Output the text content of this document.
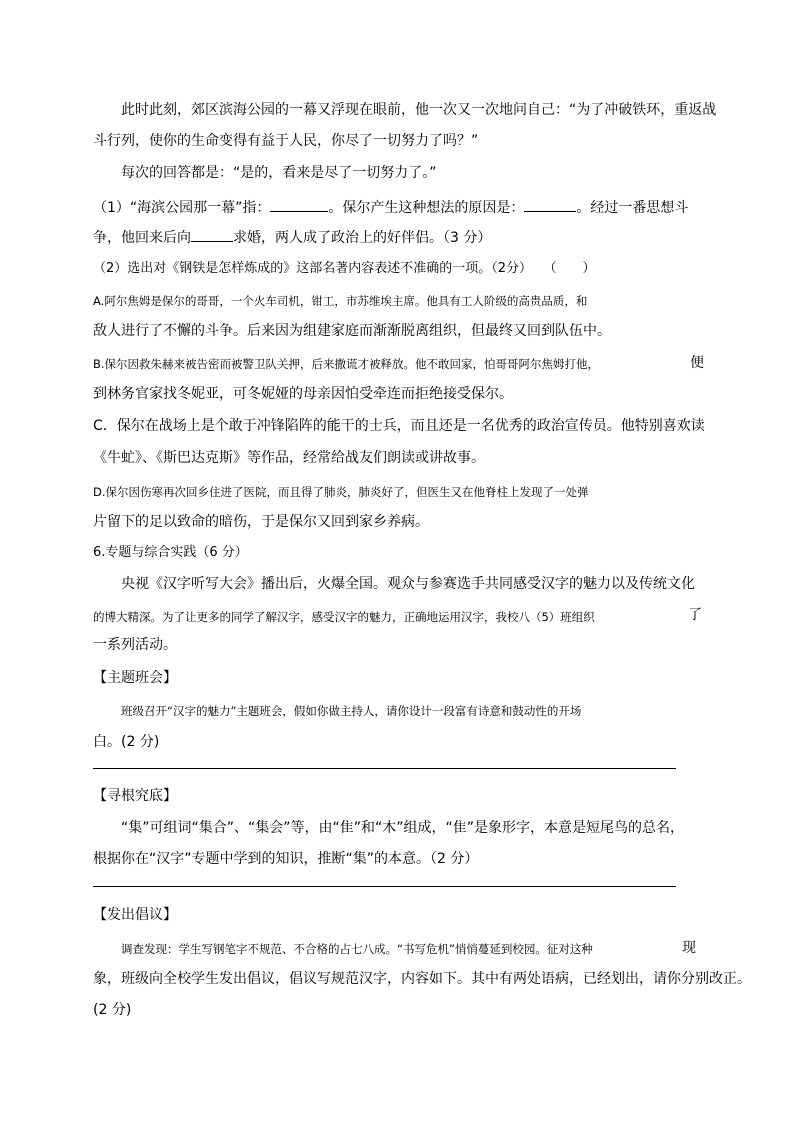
此时此刻，郊区滨海公园的一幕又浮现在眼前，他一次又一次地问自己：“为了冲破铁环，重返战
斗行列，使你的生命变得有益于人民，你尽了一切努力了吗？”
每次的回答都是：“是的，看来是尽了一切努力了。”
（1）“海滨公园那一幕”指：	。保尔产生这种想法的原因是：	。经过一番思想斗
争，他回来后向	求婚，两人成了政治上的好伴侣。（3 分）
（2）选出对《钢铁是怎样炼成的》这部名著内容表述不准确的一项。（2分） （　　）
A.阿尔焦姆是保尔的哥哥，一个火车司机，钳工，市苏维埃主席。他具有工人阶级的高贵品质，和
敌人进行了不懈的斗争。后来因为组建家庭而渐渐脱离组织，但最终又回到队伍中。
B.保尔因救朱赫来被告密而被警卫队关押，后来撒谎才被释放。他不敢回家，怕哥哥阿尔焦姆打他，	便
到林务官家找冬妮亚，可冬妮娅的母亲因怕受牵连而拒绝接受保尔。
C．保尔在战场上是个敢于冲锋陷阵的能干的士兵，而且还是一名优秀的政治宣传员。他特别喜欢读
《牛虻》、《斯巴达克斯》等作品，经常给战友们朗读或讲故事。
D.保尔因伤寒再次回乡住进了医院，而且得了肺炎，肺炎好了，但医生又在他脊柱上发现了一处弹
片留下的足以致命的暗伤，于是保尔又回到家乡养病。
6.专题与综合实践（6 分）
央视《汉字听写大会》播出后，火爆全国。观众与参赛选手共同感受汉字的魅力以及传统文化
的博大精深。为了让更多的同学了解汉字，感受汉字的魅力，正确地运用汉字，我校八（5）班组织	了
一系列活动。
【主题班会】
班级召开“汉字的魅力”主题班会，假如你做主持人，请你设计一段富有诗意和鼓动性的开场
白。(2 分)
【寻根究底】
“集”可组词“集合”、“集会”等，由“隹”和“木”组成，“隹”是象形字，本意是短尾鸟的总名，
根据你在“汉字”专题中学到的知识，推断“集”的本意。（2 分）
【发出倡议】
调查发现：学生写钢笔字不规范、不合格的占七八成。“书写危机”悄悄蔓延到校园。征对这种	现
象，班级向全校学生发出倡议，倡议写规范汉字，内容如下。其中有两处语病，已经划出，请你分别改正。
(2 分)
